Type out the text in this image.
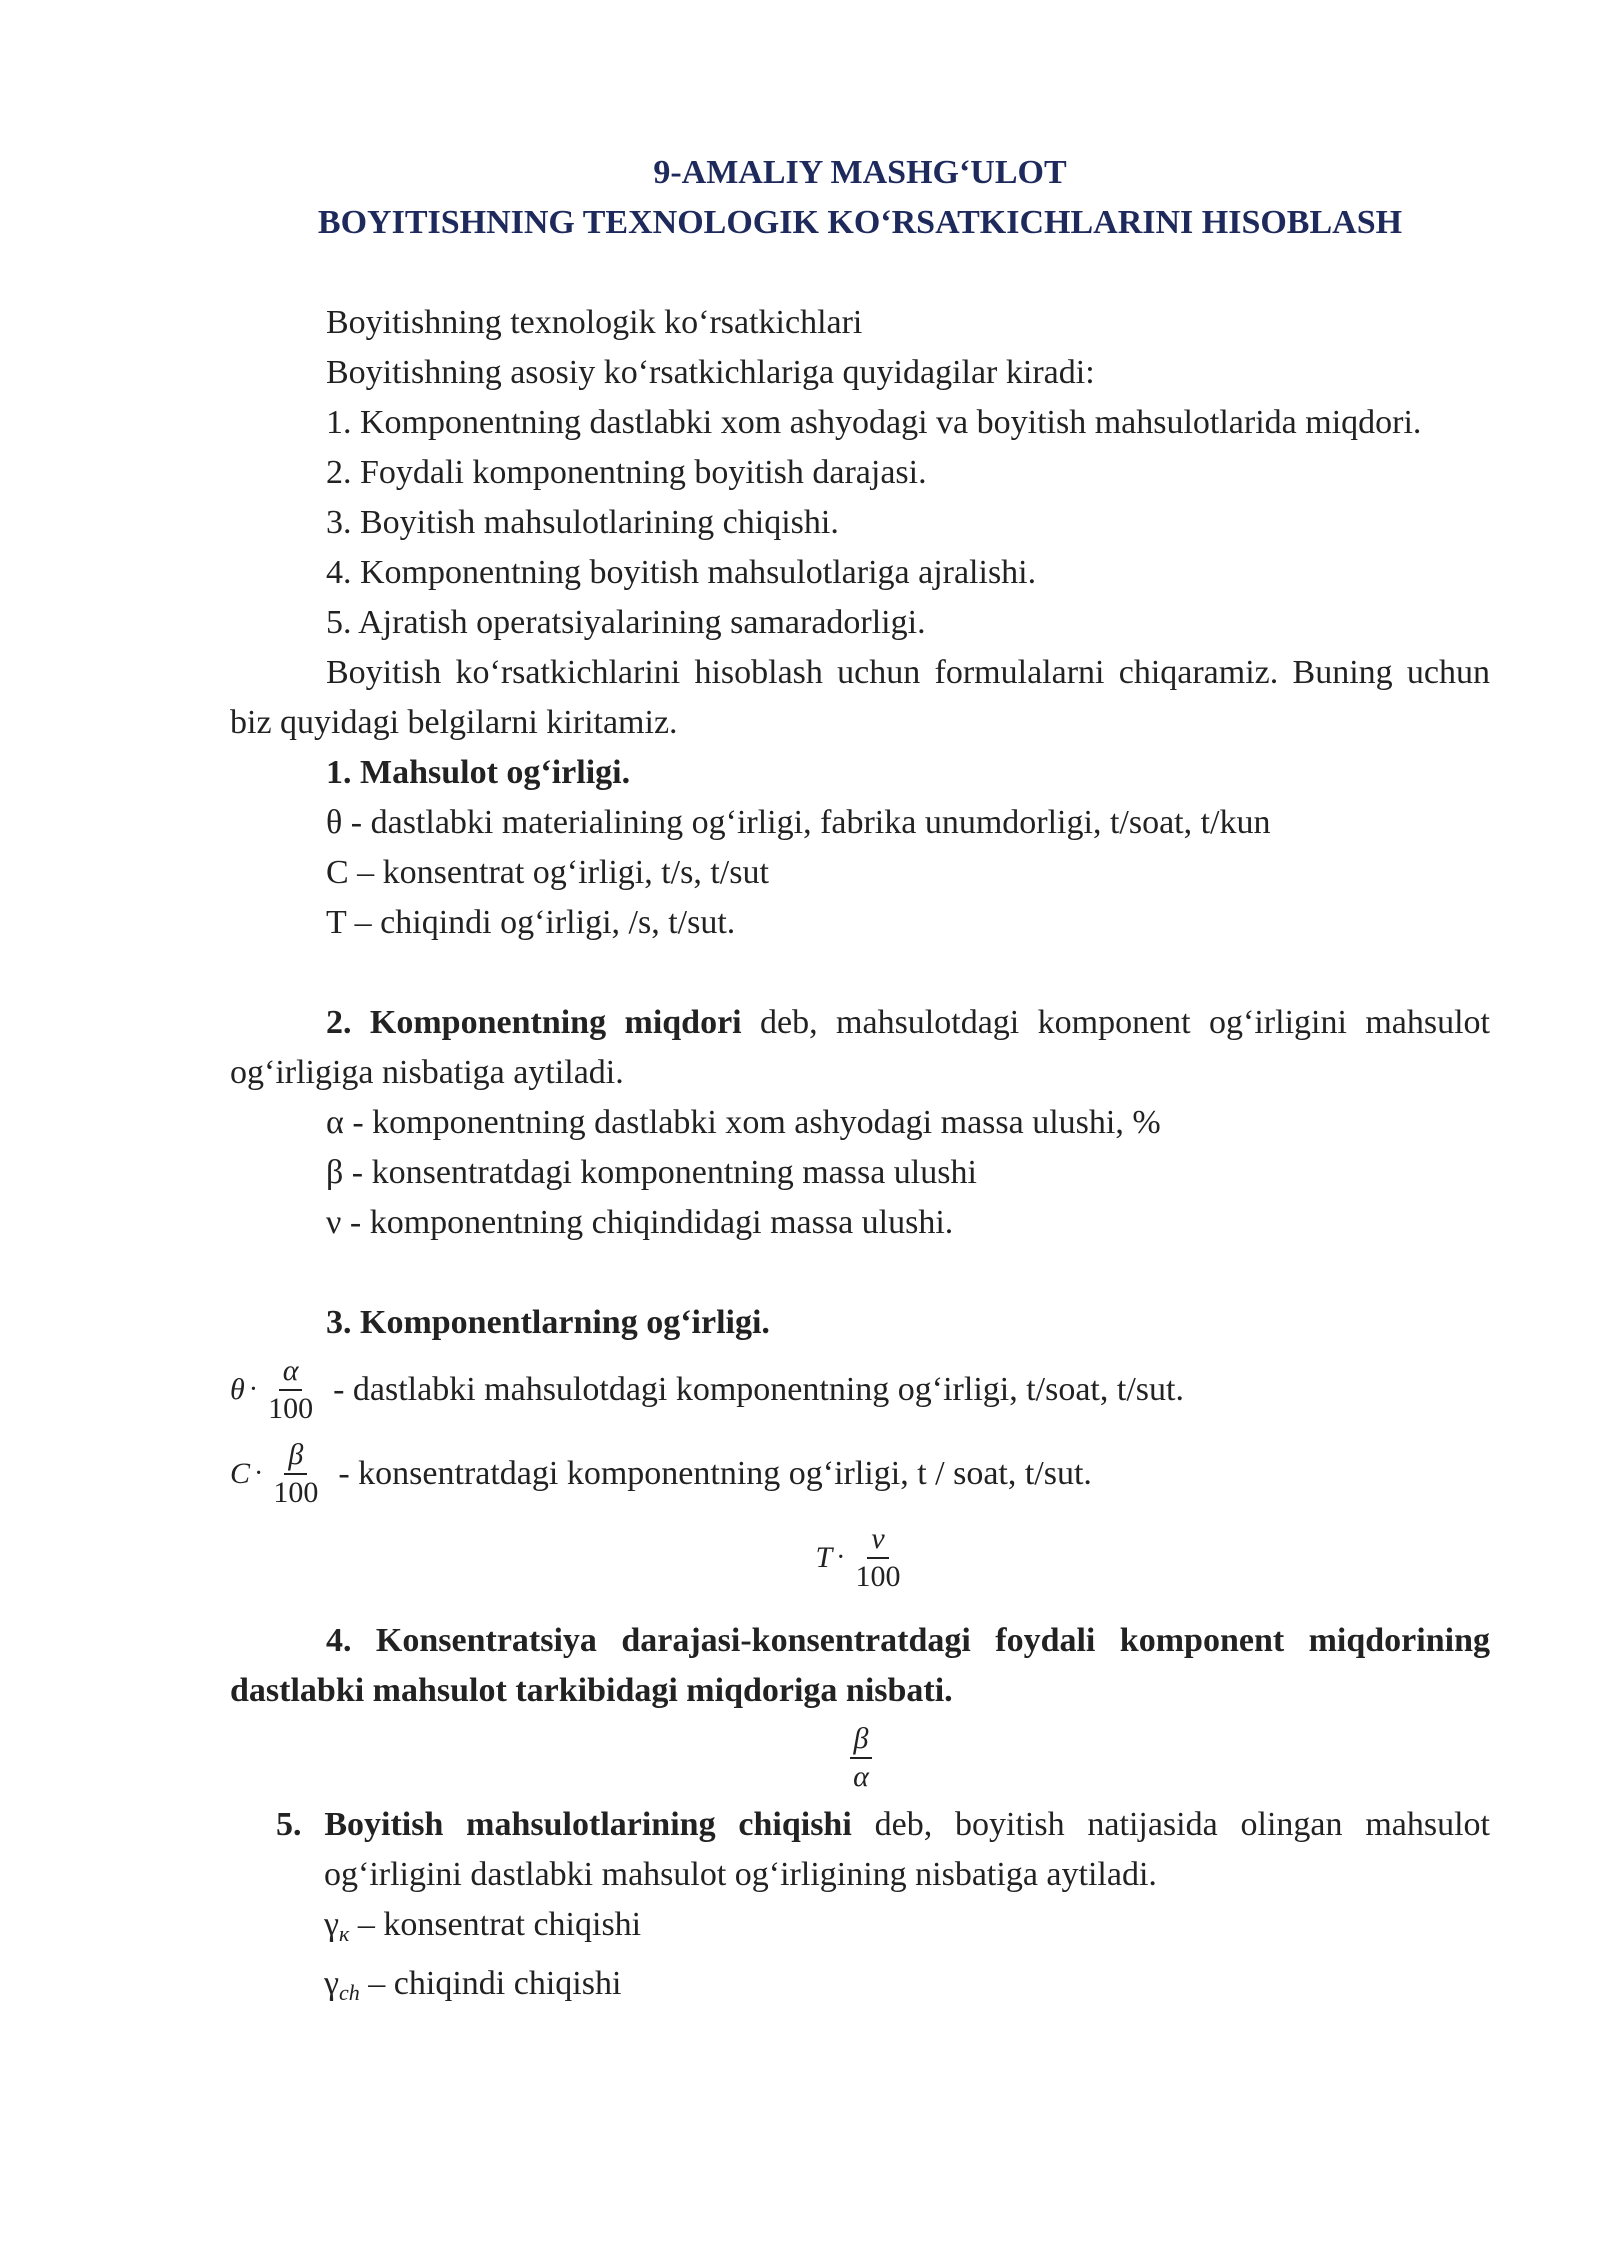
9-AMALIY MASHG‘ULOT

BOYITISHNING TEXNOLOGIK KO‘RSATKICHLARINI HISOBLASH

Boyitishning texnologik ko‘rsatkichlari

Boyitishning asosiy ko‘rsatkichlariga quyidagilar kiradi:

1. Komponentning dastlabki xom ashyodagi va boyitish mahsulotlarida miqdori.

2. Foydali komponentning boyitish darajasi.

3. Boyitish mahsulotlarining chiqishi.

4. Komponentning boyitish mahsulotlariga ajralishi.

5. Ajratish operatsiyalarining samaradorligi.

Boyitish ko‘rsatkichlarini hisoblash uchun formulalarni chiqaramiz. Buning uchun biz quyidagi belgilarni kiritamiz.

1. Mahsulot og‘irligi.

θ - dastlabki materialining og‘irligi, fabrika unumdorligi, t/soat, t/kun

C – konsentrat og‘irligi, t/s, t/sut

T – chiqindi og‘irligi, /s, t/sut.

2. Komponentning miqdori deb, mahsulotdagi komponent og‘irligini mahsulot og‘irligiga nisbatiga aytiladi.

α - komponentning dastlabki xom ashyodagi massa ulushi, %

β - konsentratdagi komponentning massa ulushi

ν - komponentning chiqindidagi massa ulushi.

3. Komponentlarning og‘irligi.

$\theta \cdot \frac{\alpha}{100}$ - dastlabki mahsulotdagi komponentning og‘irligi, t/soat, t/sut.
$C \cdot \frac{\beta}{100}$ - konsentratdagi komponentning og‘irligi, t / soat, t/sut.
$T \cdot \frac{\nu}{100}$

4. Konsentratsiya darajasi-konsentratdagi foydali komponent miqdorining dastlabki mahsulot tarkibidagi miqdoriga nisbati.

$\frac{\beta}{\alpha}$

5. Boyitish mahsulotlarining chiqishi deb, boyitish natijasida olingan mahsulot og‘irligini dastlabki mahsulot og‘irligining nisbatiga aytiladi.

$\gamma_к$ – konsentrat chiqishi

$\gamma_{ch}$ – chiqindi chiqishi
